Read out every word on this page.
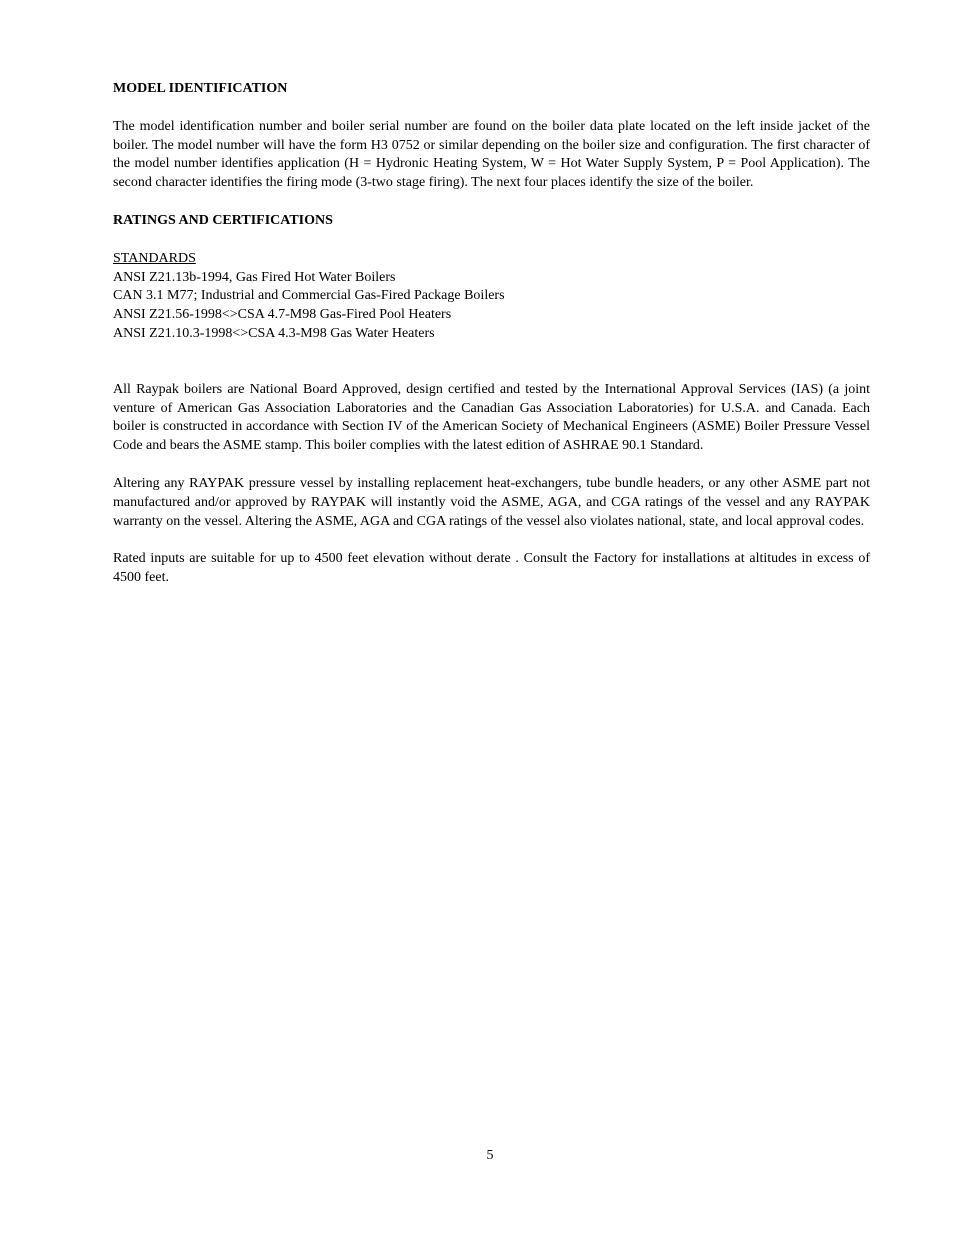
MODEL IDENTIFICATION

The model identification number and boiler serial number are found on the boiler data plate located on the left inside jacket of the boiler. The model number will have the form H3 0752 or similar depending on the boiler size and configuration. The first character of the model number identifies application (H = Hydronic Heating System, W = Hot Water Supply System, P = Pool Application). The second character identifies the firing mode (3-two stage firing). The next four places identify the size of the boiler.

RATINGS AND CERTIFICATIONS

STANDARDS

ANSI Z21.13b-1994, Gas Fired Hot Water Boilers

CAN 3.1 M77; Industrial and Commercial Gas-Fired Package Boilers

ANSI Z21.56-1998<>CSA 4.7-M98 Gas-Fired Pool Heaters

ANSI Z21.10.3-1998<>CSA 4.3-M98 Gas Water Heaters

All Raypak boilers are National Board Approved, design certified and tested by the International Approval Services (IAS) (a joint venture of American Gas Association Laboratories and the Canadian Gas Association Laboratories) for U.S.A. and Canada. Each boiler is constructed in accordance with Section IV of the American Society of Mechanical Engineers (ASME) Boiler Pressure Vessel Code and bears the ASME stamp. This boiler complies with the latest edition of ASHRAE 90.1 Standard.

Altering any RAYPAK pressure vessel by installing replacement heat-exchangers, tube bundle headers, or any other ASME part not manufactured and/or approved by RAYPAK will instantly void the ASME, AGA, and CGA ratings of the vessel and any RAYPAK warranty on the vessel. Altering the ASME, AGA and CGA ratings of the vessel also violates national, state, and local approval codes.

Rated inputs are suitable for up to 4500 feet elevation without derate . Consult the Factory for installations at altitudes in excess of 4500 feet.

5
